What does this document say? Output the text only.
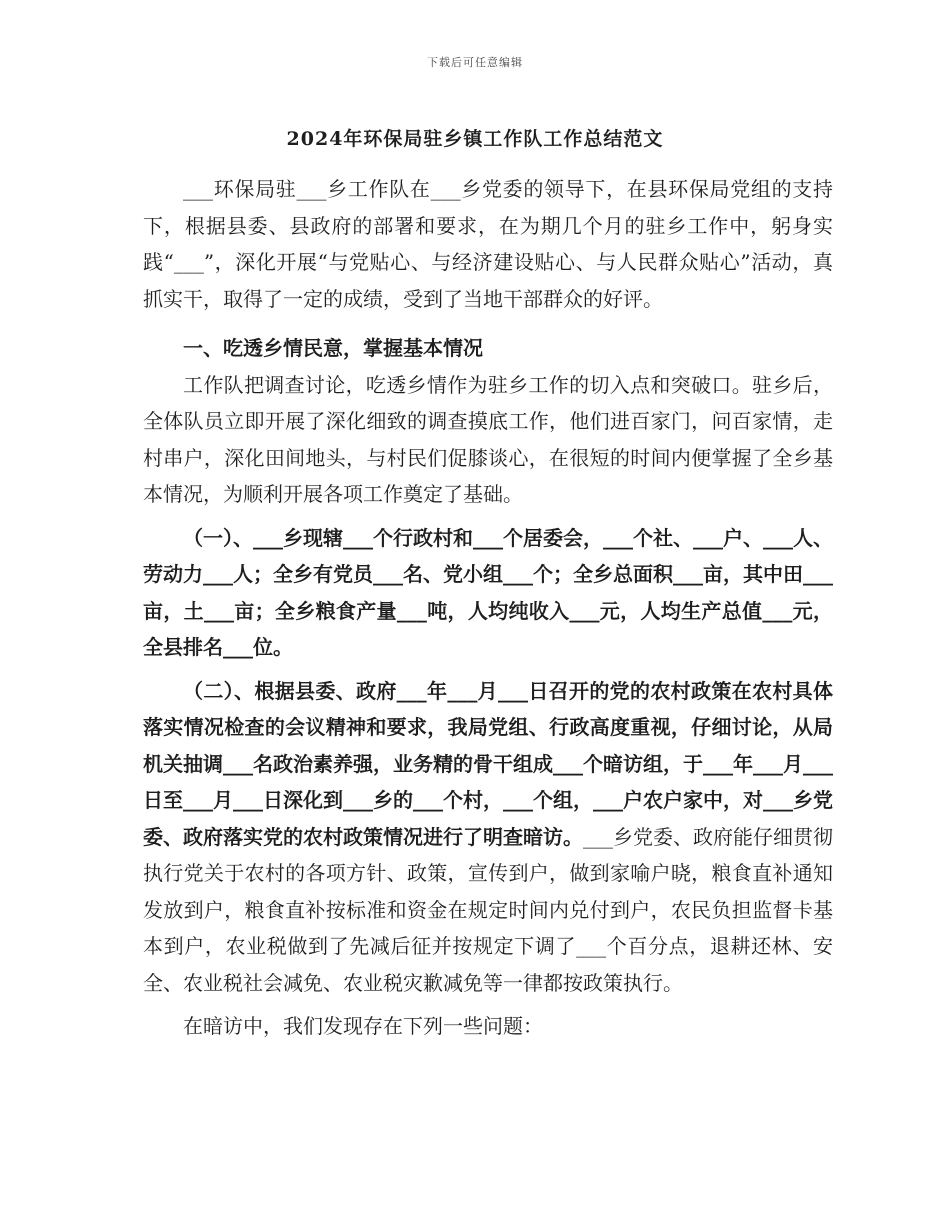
下载后可任意编辑
2024年环保局驻乡镇工作队工作总结范文

___环保局驻___乡工作队在___乡党委的领导下，在县环保局党组的支持下，根据县委、县政府的部署和要求，在为期几个月的驻乡工作中，躬身实践“___”，深化开展“与党贴心、与经济建设贴心、与人民群众贴心”活动，真抓实干，取得了一定的成绩，受到了当地干部群众的好评。

一、吃透乡情民意，掌握基本情况

工作队把调查讨论，吃透乡情作为驻乡工作的切入点和突破口。驻乡后，全体队员立即开展了深化细致的调查摸底工作，他们进百家门，问百家情，走村串户，深化田间地头，与村民们促膝谈心，在很短的时间内便掌握了全乡基本情况，为顺利开展各项工作奠定了基础。

（一）、___乡现辖___个行政村和___个居委会，___个社、___户、___人、劳动力___人；全乡有党员___名、党小组___个；全乡总面积___亩，其中田___亩，土___亩；全乡粮食产量___吨，人均纯收入___元，人均生产总值___元，全县排名___位。

（二）、根据县委、政府___年___月___日召开的党的农村政策在农村具体落实情况检查的会议精神和要求，我局党组、行政高度重视，仔细讨论，从局机关抽调___名政治素养强，业务精的骨干组成___个暗访组，于___年___月___日至___月___日深化到___乡的___个村，___个组，___户农户家中，对___乡党委、政府落实党的农村政策情况进行了明查暗访。___乡党委、政府能仔细贯彻执行党关于农村的各项方针、政策，宣传到户，做到家喻户晓，粮食直补通知发放到户，粮食直补按标准和资金在规定时间内兑付到户，农民负担监督卡基本到户，农业税做到了先减后征并按规定下调了___个百分点，退耕还林、安全、农业税社会减免、农业税灾歉减免等一律都按政策执行。

在暗访中，我们发现存在下列一些问题：
